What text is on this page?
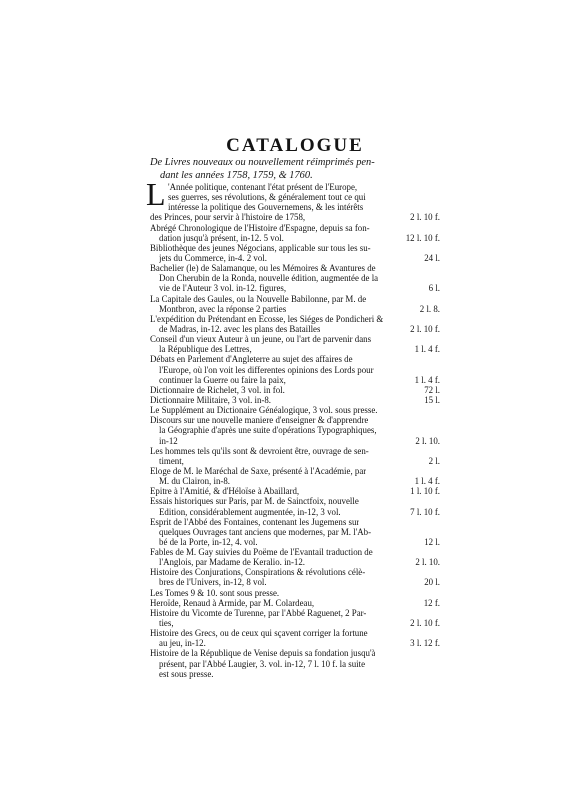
CATALOGUE
De Livres nouveaux ou nouvellement réimprimés pen-
dant les années 1758, 1759, & 1760.
L 'Année politique, contenant l'état présent de l'Europe,
ses guerres, ses révolutions, & généralement tout ce qui
intéresse la politique des Gouvernemens, & les intérêts
des Princes, pour servir à l'histoire de 1758,	2 l. 10 f.
Abrégé Chronologique de l'Histoire d'Espagne, depuis sa fon-
dation jusqu'à présent, in-12. 5 vol.	12 l. 10 f.
Bibliothèque des jeunes Négocians, applicable sur tous les su-
jets du Commerce, in-4. 2 vol.	24 l.
Bachelier (le) de Salamanque, ou les Mémoires & Avantures de
Don Cherubin de la Ronda, nouvelle édition, augmentée de la
vie de l'Auteur 3 vol. in-12. figures,	6 l.
La Capitale des Gaules, ou la Nouvelle Babilonne, par M. de
Montbron, avec la réponse 2 parties	2 l. 8.
L'expédition du Prétendant en Ecosse, les Siéges de Pondicheri &
de Madras, in-12. avec les plans des Batailles	2 l. 10 f.
Conseil d'un vieux Auteur à un jeune, ou l'art de parvenir dans
la République des Lettres,	1 l. 4 f.
Débats en Parlement d'Angleterre au sujet des affaires de
l'Europe, où l'on voit les differentes opinions des Lords pour
continuer la Guerre ou faire la paix,	1 l. 4 f.
Dictionnaire de Richelet, 3 vol. in fol.	72 l.
Dictionnaire Militaire, 3 vol. in-8.	15 l.
Le Supplément au Dictionaire Généalogique, 3 vol. sous presse.
Discours sur une nouvelle maniere d'enseigner & d'apprendre
la Géographie d'après une suite d'opérations Typographiques,
in-12	2 l. 10.
Les hommes tels qu'ils sont & devroient être, ouvrage de sen-
timent,	2 l.
Eloge de M. le Maréchal de Saxe, présenté à l'Académie, par
M. du Clairon, in-8.	1 l. 4 f.
Epitre à l'Amitié, & d'Héloïse à Abaillard,	1 l. 10 f.
Essais historiques sur Paris, par M. de Sainctfoix, nouvelle
Edition, considérablement augmentée, in-12, 3 vol.	7 l. 10 f.
Esprit de l'Abbé des Fontaines, contenant les Jugemens sur
quelques Ouvrages tant anciens que modernes, par M. l'Ab-
bé de la Porte, in-12, 4. vol.	12 l.
Fables de M. Gay suivies du Poëme de l'Evantail traduction de
l'Anglois, par Madame de Keralio. in-12.	2 l. 10.
Histoire des Conjurations, Conspirations & révolutions célè-
bres de l'Univers, in-12, 8 vol.	20 l.
Les Tomes 9 & 10. sont sous presse.
Heroïde, Renaud à Armide, par M. Colardeau,	12 f.
Histoire du Vicomte de Turenne, par l'Abbé Raguenet, 2 Par-
ties,	2 l. 10 f.
Histoire des Grecs, ou de ceux qui sçavent corriger la fortune
au jeu, in-12.	3 l. 12 f.
Histoire de la République de Venise depuis sa fondation jusqu'à
présent, par l'Abbé Laugier, 3. vol. in-12, 7 l. 10 f. la suite
est sous presse.
